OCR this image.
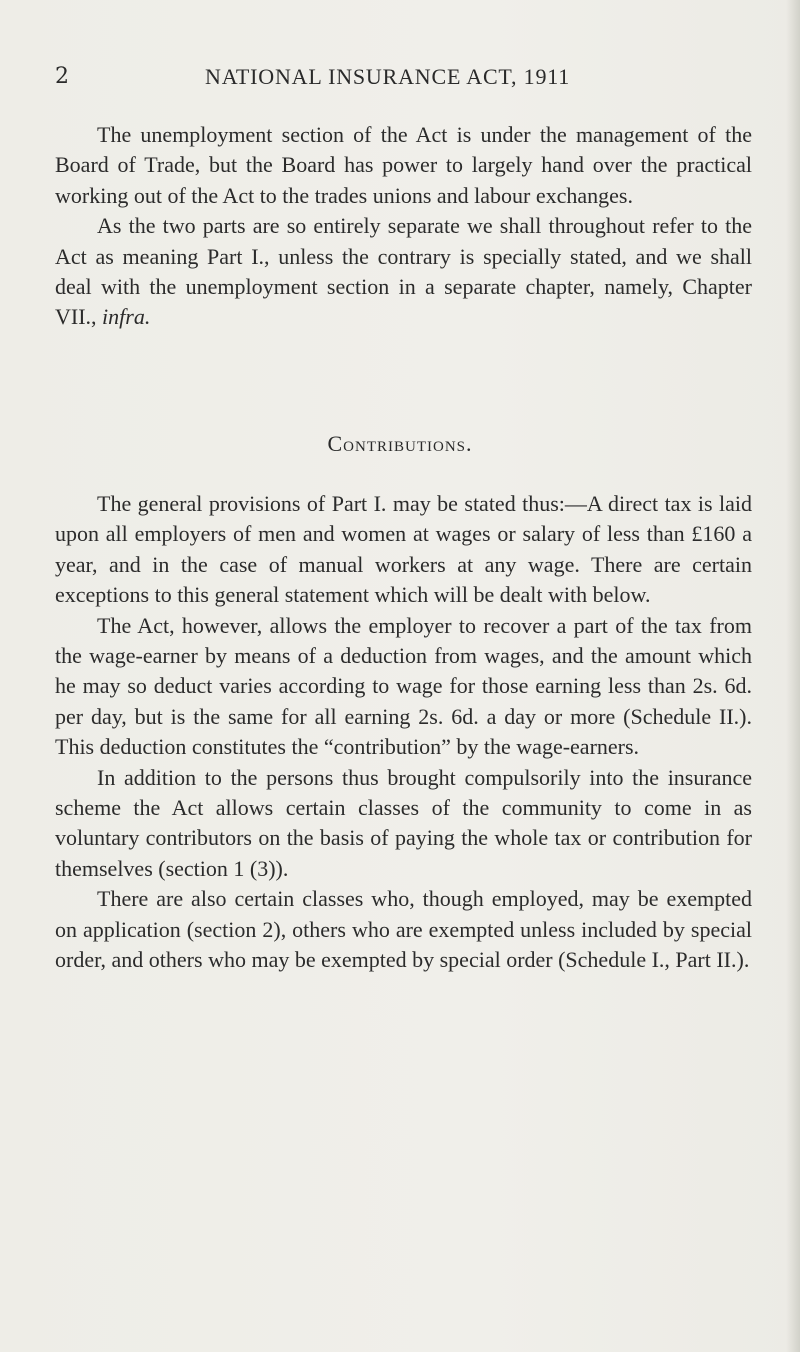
2	NATIONAL INSURANCE ACT, 1911

The unemployment section of the Act is under the management of the Board of Trade, but the Board has power to largely hand over the practical working out of the Act to the trades unions and labour exchanges.

As the two parts are so entirely separate we shall throughout refer to the Act as meaning Part I., unless the contrary is specially stated, and we shall deal with the unemployment section in a separate chapter, namely, Chapter VII., infra.

Contributions.

The general provisions of Part I. may be stated thus:—A direct tax is laid upon all employers of men and women at wages or salary of less than £160 a year, and in the case of manual workers at any wage. There are certain exceptions to this general statement which will be dealt with below.

The Act, however, allows the employer to recover a part of the tax from the wage-earner by means of a deduction from wages, and the amount which he may so deduct varies according to wage for those earning less than 2s. 6d. per day, but is the same for all earning 2s. 6d. a day or more (Schedule II.). This deduction constitutes the “contribution” by the wage-earners.

In addition to the persons thus brought compulsorily into the insurance scheme the Act allows certain classes of the community to come in as voluntary contributors on the basis of paying the whole tax or contribution for themselves (section 1 (3)).

There are also certain classes who, though employed, may be exempted on application (section 2), others who are exempted unless included by special order, and others who may be exempted by special order (Schedule I., Part II.).
